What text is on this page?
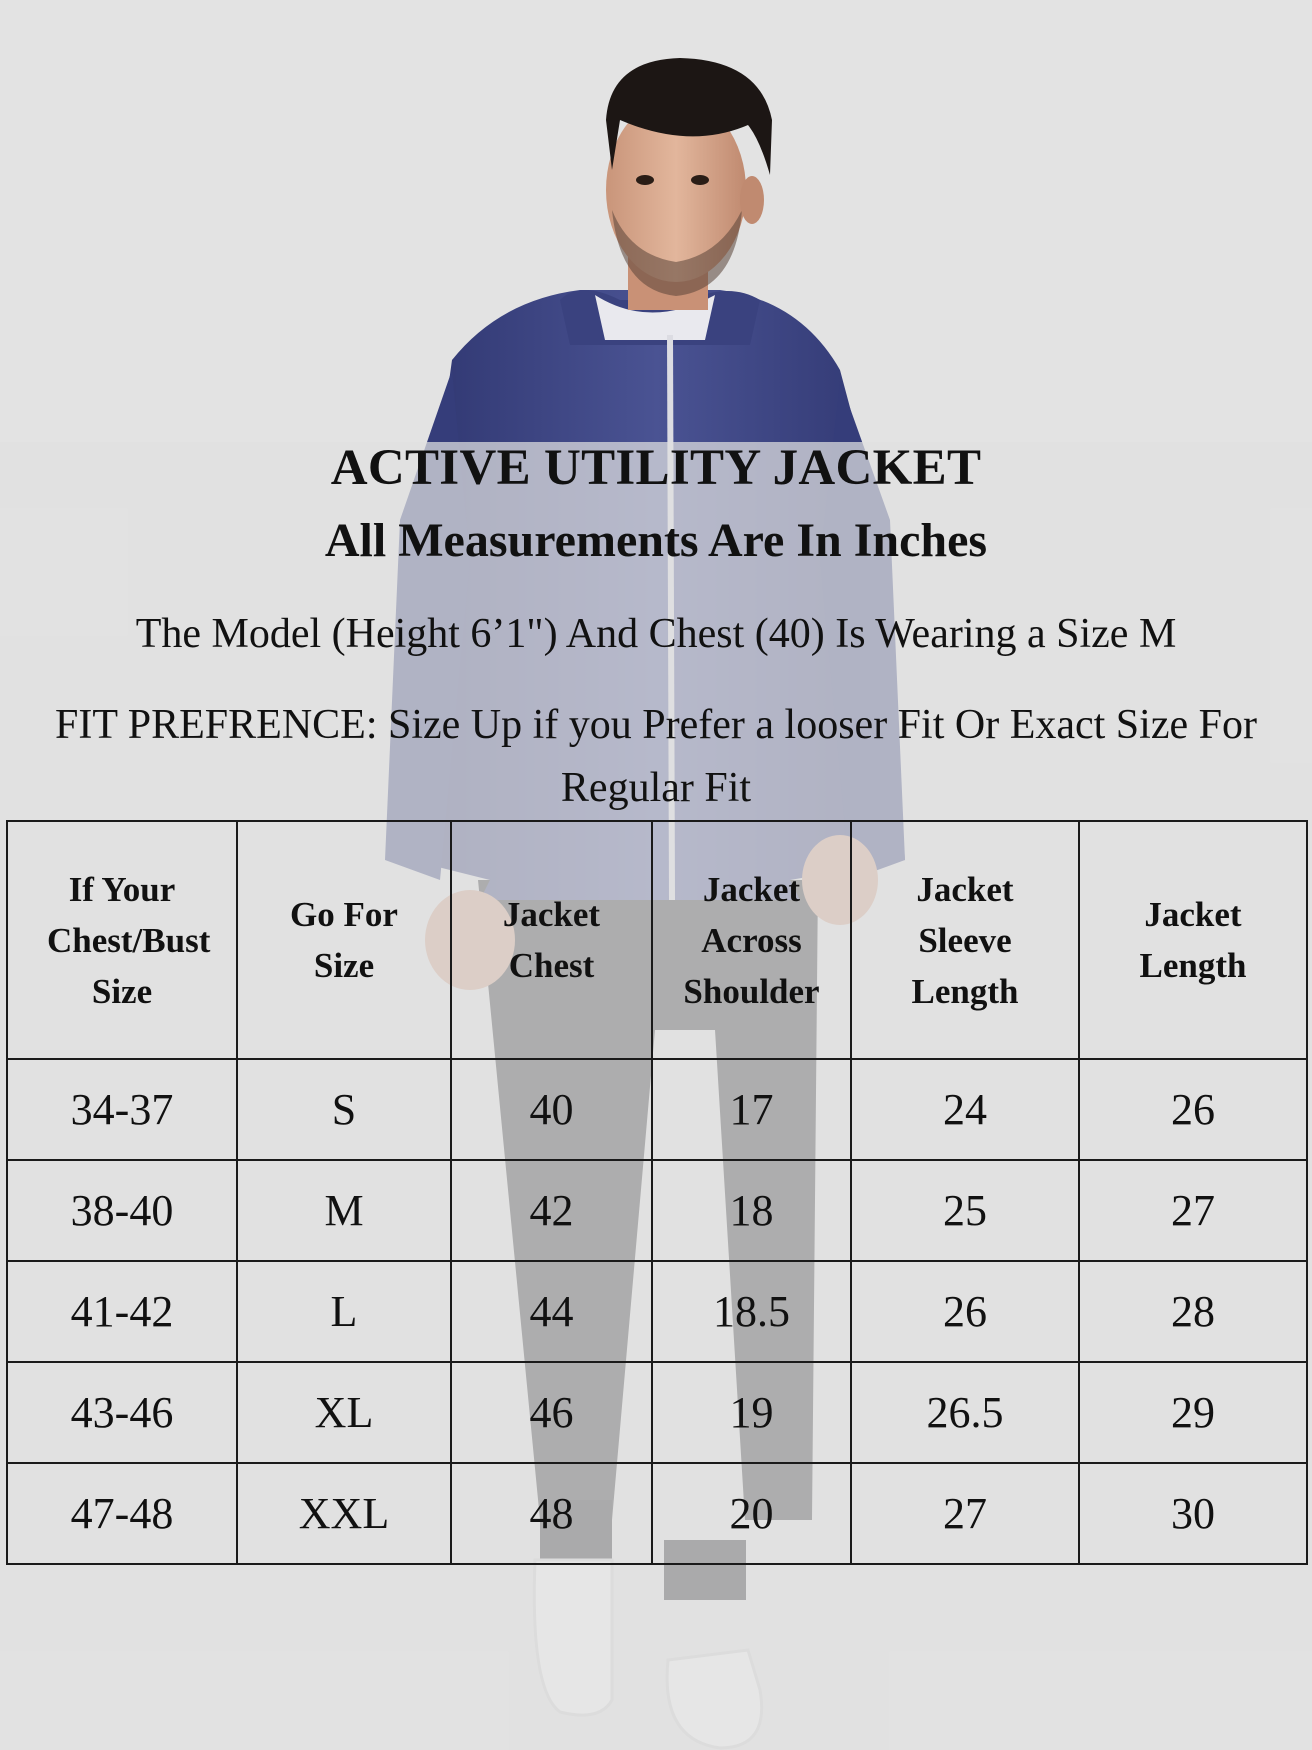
ACTIVE UTILITY JACKET
All Measurements Are In Inches

The Model (Height 6’1") And Chest (40) Is Wearing a Size M

FIT PREFRENCE: Size Up if you Prefer a looser Fit Or Exact Size For Regular Fit

If Your Chest/Bust Size	Go For Size	Jacket Chest	Jacket Across Shoulder	Jacket Sleeve Length	Jacket Length
34-37	S	40	17	24	26
38-40	M	42	18	25	27
41-42	L	44	18.5	26	28
43-46	XL	46	19	26.5	29
47-48	XXL	48	20	27	30
